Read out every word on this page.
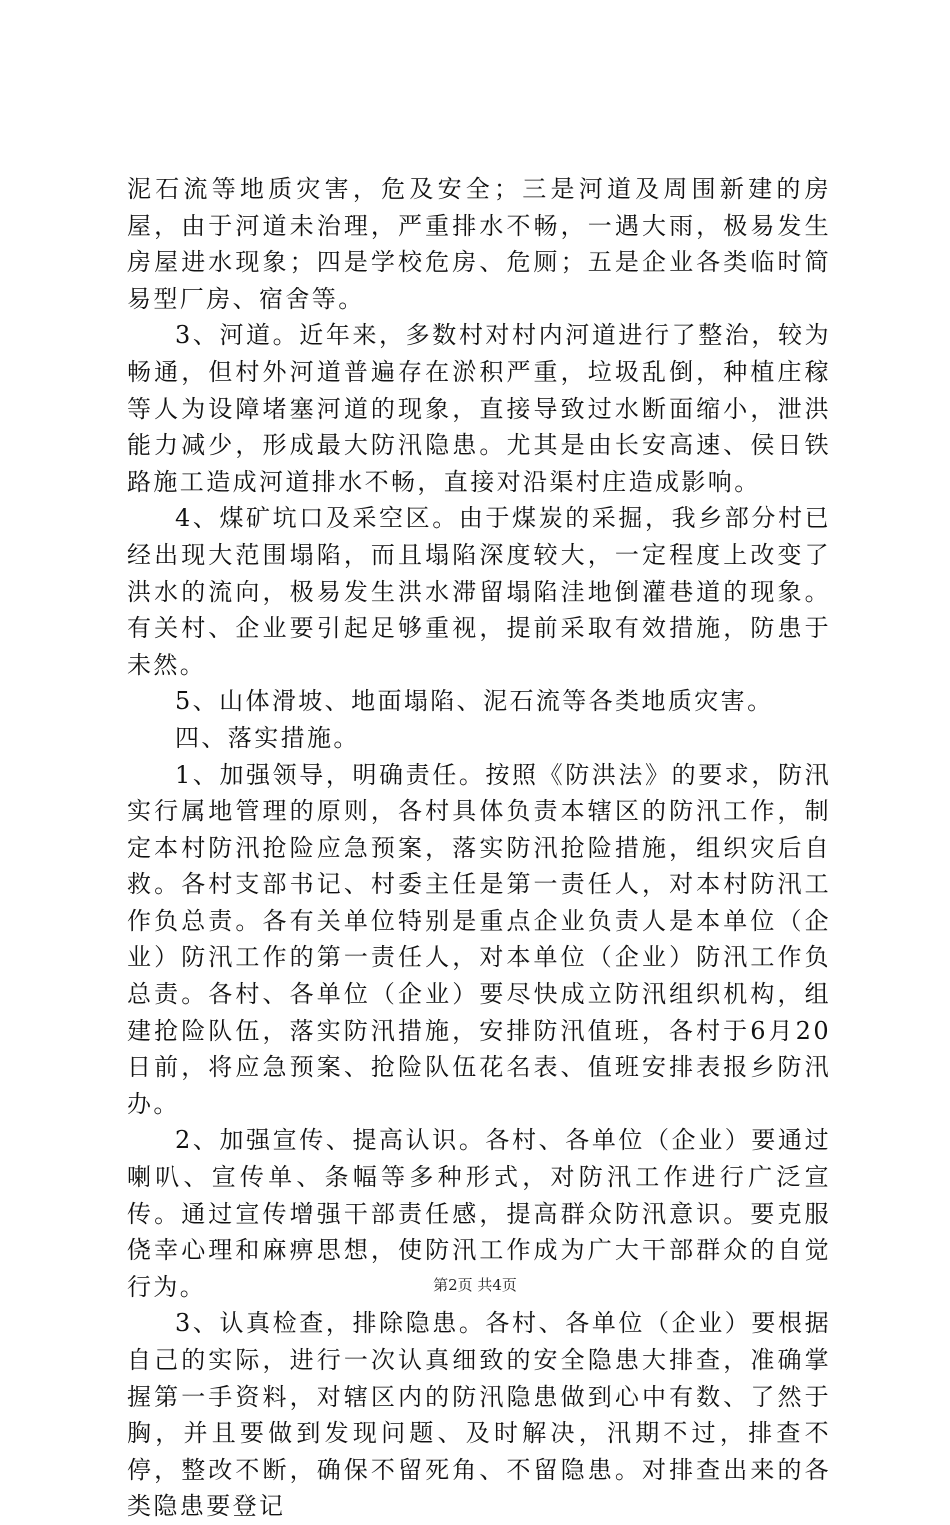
泥石流等地质灾害，危及安全；三是河道及周围新建的房屋，由于河道未治理，严重排水不畅，一遇大雨，极易发生房屋进水现象；四是学校危房、危厕；五是企业各类临时简易型厂房、宿舍等。

3、河道。近年来，多数村对村内河道进行了整治，较为畅通，但村外河道普遍存在淤积严重，垃圾乱倒，种植庄稼等人为设障堵塞河道的现象，直接导致过水断面缩小，泄洪能力减少，形成最大防汛隐患。尤其是由长安高速、侯日铁路施工造成河道排水不畅，直接对沿渠村庄造成影响。

4、煤矿坑口及采空区。由于煤炭的采掘，我乡部分村已经出现大范围塌陷，而且塌陷深度较大，一定程度上改变了洪水的流向，极易发生洪水滞留塌陷洼地倒灌巷道的现象。有关村、企业要引起足够重视，提前采取有效措施，防患于未然。

5、山体滑坡、地面塌陷、泥石流等各类地质灾害。

四、落实措施。

1、加强领导，明确责任。按照《防洪法》的要求，防汛实行属地管理的原则，各村具体负责本辖区的防汛工作，制定本村防汛抢险应急预案，落实防汛抢险措施，组织灾后自救。各村支部书记、村委主任是第一责任人，对本村防汛工作负总责。各有关单位特别是重点企业负责人是本单位（企业）防汛工作的第一责任人，对本单位（企业）防汛工作负总责。各村、各单位（企业）要尽快成立防汛组织机构，组建抢险队伍，落实防汛措施，安排防汛值班，各村于6月20日前，将应急预案、抢险队伍花名表、值班安排表报乡防汛办。

2、加强宣传、提高认识。各村、各单位（企业）要通过喇叭、宣传单、条幅等多种形式，对防汛工作进行广泛宣传。通过宣传增强干部责任感，提高群众防汛意识。要克服侥幸心理和麻痹思想，使防汛工作成为广大干部群众的自觉行为。

3、认真检查，排除隐患。各村、各单位（企业）要根据自己的实际，进行一次认真细致的安全隐患大排查，准确掌握第一手资料，对辖区内的防汛隐患做到心中有数、了然于胸，并且要做到发现问题、及时解决，汛期不过，排查不停，整改不断，确保不留死角、不留隐患。对排查出来的各类隐患要登记

第2页 共4页
